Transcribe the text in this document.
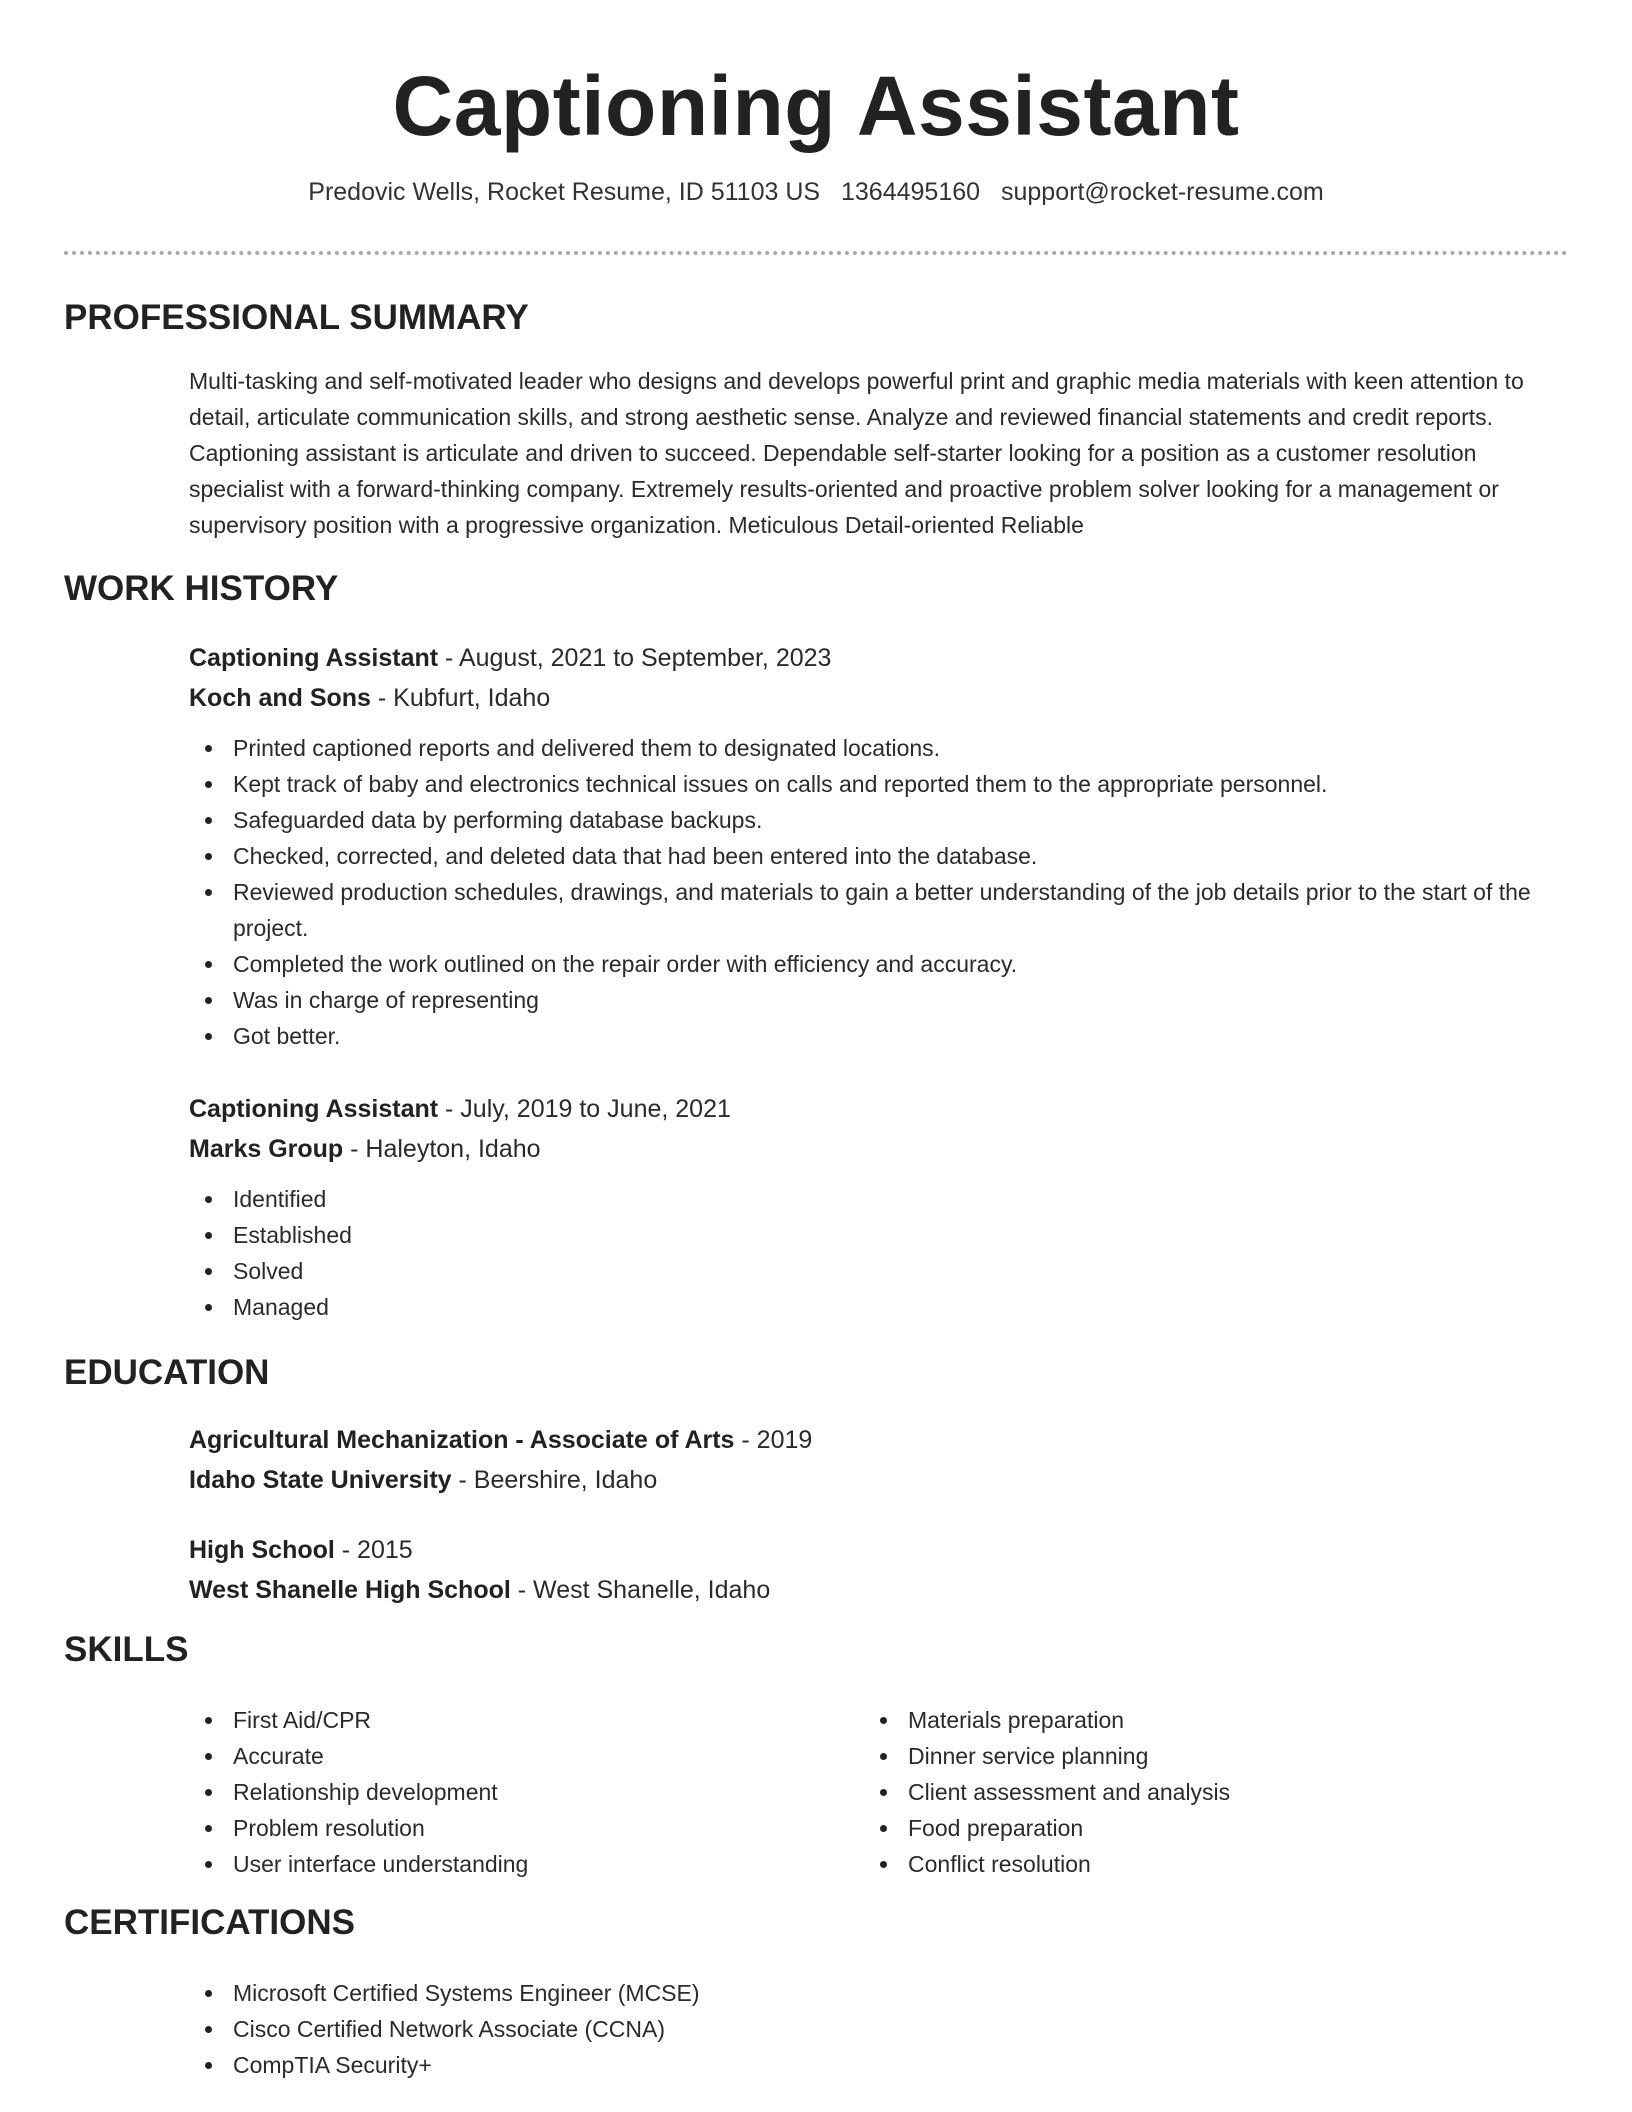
Captioning Assistant
Predovic Wells, Rocket Resume, ID 51103 US 1364495160 support@rocket-resume.com
PROFESSIONAL SUMMARY

Multi-tasking and self-motivated leader who designs and develops powerful print and graphic media materials with keen attention to detail, articulate communication skills, and strong aesthetic sense. Analyze and reviewed financial statements and credit reports. Captioning assistant is articulate and driven to succeed. Dependable self-starter looking for a position as a customer resolution specialist with a forward-thinking company. Extremely results-oriented and proactive problem solver looking for a management or supervisory position with a progressive organization. Meticulous Detail-oriented Reliable

WORK HISTORY
Captioning Assistant - August, 2021 to September, 2023
Koch and Sons - Kubfurt, Idaho
Printed captioned reports and delivered them to designated locations.
Kept track of baby and electronics technical issues on calls and reported them to the appropriate personnel.
Safeguarded data by performing database backups.
Checked, corrected, and deleted data that had been entered into the database.
Reviewed production schedules, drawings, and materials to gain a better understanding of the job details prior to the start of the project.
Completed the work outlined on the repair order with efficiency and accuracy.
Was in charge of representing
Got better.
Captioning Assistant - July, 2019 to June, 2021
Marks Group - Haleyton, Idaho
Identified
Established
Solved
Managed
EDUCATION
Agricultural Mechanization - Associate of Arts - 2019
Idaho State University - Beershire, Idaho
High School - 2015
West Shanelle High School - West Shanelle, Idaho
SKILLS
First Aid/CPR
Accurate
Relationship development
Problem resolution
User interface understanding
Materials preparation
Dinner service planning
Client assessment and analysis
Food preparation
Conflict resolution
CERTIFICATIONS
Microsoft Certified Systems Engineer (MCSE)
Cisco Certified Network Associate (CCNA)
CompTIA Security+
